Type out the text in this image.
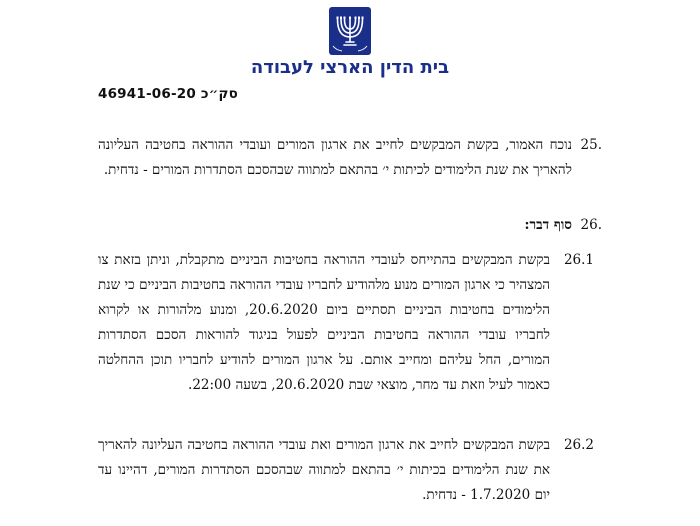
בית הדין הארצי לעבודה
סק״כ 46941-06-20
25.
נוכח האמור, בקשת המבקשים לחייב את ארגון המורים ועובדי ההוראה בחטיבה העליונה להאריך את שנת הלימודים לכיתות י׳ בהתאם למתווה שבהסכם הסתדרות המורים - נדחית.
26.
סוף דבר:
26.1
בקשת המבקשים בהתייחס לעובדי ההוראה בחטיבות הביניים מתקבלת, וניתן בזאת צו המצהיר כי ארגון המורים מנוע מלהודיע לחבריו עובדי ההוראה בחטיבות הביניים כי שנת הלימודים בחטיבות הביניים תסתיים ביום 20.6.2020, ומנוע מלהורות או לקרוא לחבריו עובדי ההוראה בחטיבות הביניים לפעול בניגוד להוראות הסכם הסתדרות המורים, החל עליהם ומחייב אותם. על ארגון המורים להודיע לחבריו תוכן ההחלטה כאמור לעיל וזאת עד מחר, מוצאי שבת 20.6.2020, בשעה 22:00.
26.2
בקשת המבקשים לחייב את ארגון המורים ואת עובדי ההוראה בחטיבה העליונה להאריך את שנת הלימודים בכיתות י׳ בהתאם למתווה שבהסכם הסתדרות המורים, דהיינו עד יום 1.7.2020 - נדחית.
